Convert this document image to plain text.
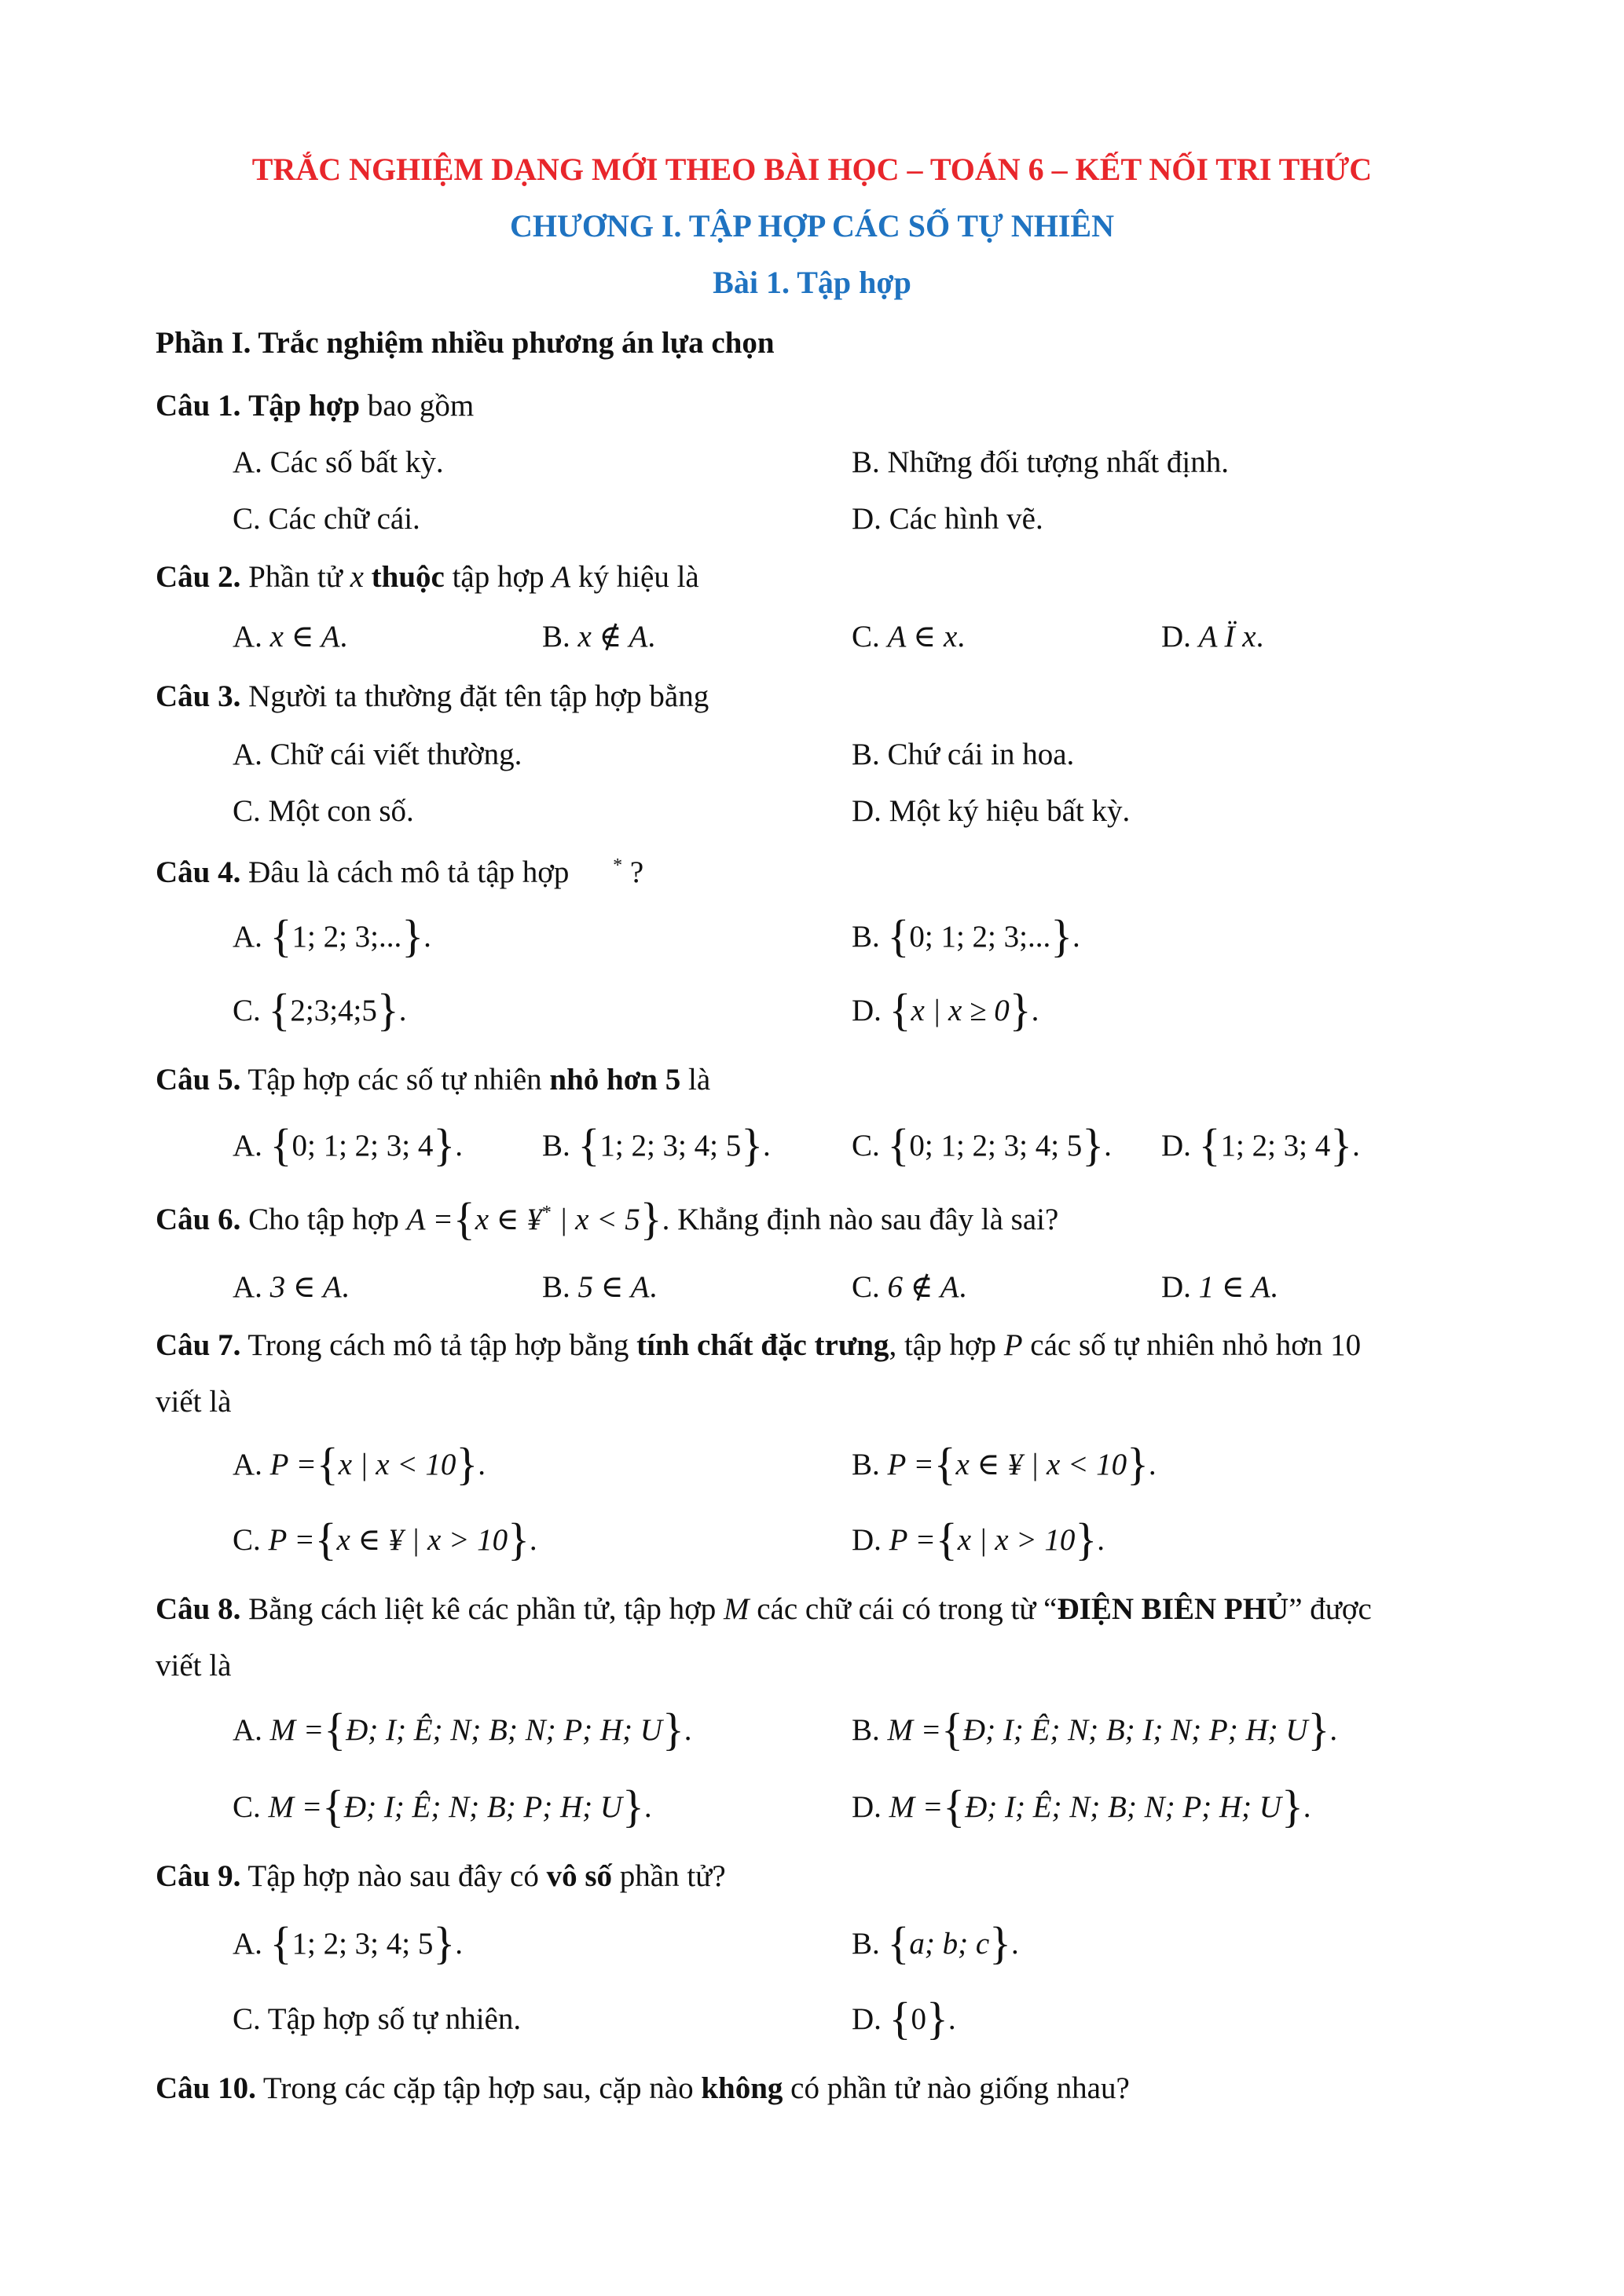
TRẮC NGHIỆM DẠNG MỚI THEO BÀI HỌC – TOÁN 6 – KẾT NỐI TRI THỨC
CHƯƠNG I. TẬP HỢP CÁC SỐ TỰ NHIÊN
Bài 1. Tập hợp
Phần I. Trắc nghiệm nhiều phương án lựa chọn
Câu 1. Tập hợp bao gồm
A. Các số bất kỳ.	B. Những đối tượng nhất định.
C. Các chữ cái.	D. Các hình vẽ.
Câu 2. Phần tử x thuộc tập hợp A ký hiệu là
A. x ∈ A.	B. x ∉ A.	C. A ∈ x.	D. A Ï x.
Câu 3. Người ta thường đặt tên tập hợp bằng
A. Chữ cái viết thường.	B. Chứ cái in hoa.
C. Một con số.	D. Một ký hiệu bất kỳ.
Câu 4. Đâu là cách mô tả tập hợp * ?
A. {1; 2; 3;...}.	B. {0; 1; 2; 3;...}.
C. {2;3;4;5}.	D. {x | x ≥ 0}.
Câu 5. Tập hợp các số tự nhiên nhỏ hơn 5 là
A. {0; 1; 2; 3; 4}.	B. {1; 2; 3; 4; 5}.	C. {0; 1; 2; 3; 4; 5}. D. {1; 2; 3; 4}.
Câu 6. Cho tập hợp A ={x ∈ ¥* | x < 5}. Khẳng định nào sau đây là sai?
A. 3 ∈ A.	B. 5 ∈ A.	C. 6 ∉ A.	D. 1 ∈ A.
Câu 7. Trong cách mô tả tập hợp bằng tính chất đặc trưng, tập hợp P các số tự nhiên nhỏ hơn 10
viết là
A. P ={x | x < 10}.	B. P ={x ∈ ¥ | x < 10}.
C. P ={x ∈ ¥ | x > 10}.	D. P ={x | x > 10}.
Câu 8. Bằng cách liệt kê các phần tử, tập hợp M các chữ cái có trong từ “ĐIỆN BIÊN PHỦ” được
viết là
A. M ={Đ; I; Ê; N; B; N; P; H; U}.	B. M ={Đ; I; Ê; N; B; I; N; P; H; U}.
C. M ={Đ; I; Ê; N; B; P; H; U}.	D. M ={Đ; I; Ê; N; B; N; P; H; U}.
Câu 9. Tập hợp nào sau đây có vô số phần tử?
A. {1; 2; 3; 4; 5}.	B. {a; b; c}.
C. Tập hợp số tự nhiên.	D. {0}.
Câu 10. Trong các cặp tập hợp sau, cặp nào không có phần tử nào giống nhau?
